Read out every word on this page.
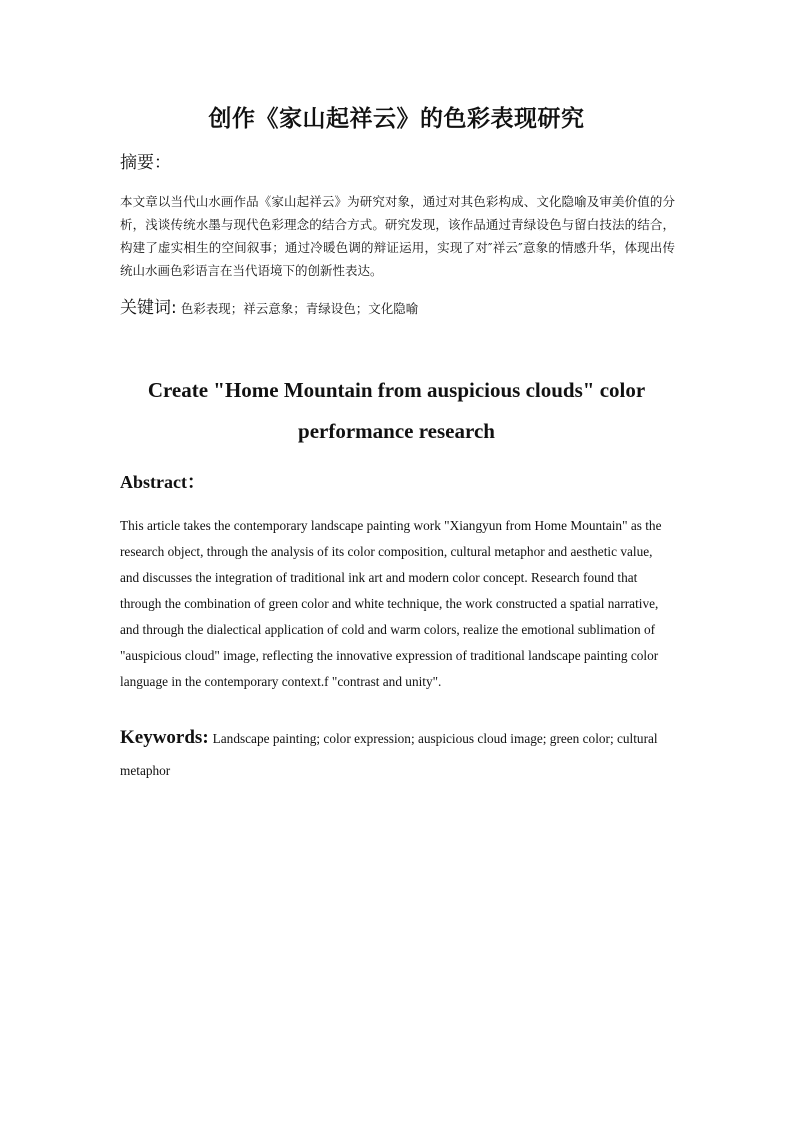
创作《家山起祥云》的色彩表现研究
摘要：
本文章以当代山水画作品《家山起祥云》为研究对象，通过对其色彩构成、文化隐喻及审美价值的分析，浅谈传统水墨与现代色彩理念的结合方式。研究发现，该作品通过青绿设色与留白技法的结合，构建了虚实相生的空间叙事；通过冷暖色调的辩证运用，实现了对″祥云″意象的情感升华，体现出传统山水画色彩语言在当代语境下的创新性表达。
关键词: 色彩表现；祥云意象；青绿设色；文化隐喻
Create "Home Mountain from auspicious clouds" color performance research
Abstract：
This article takes the contemporary landscape painting work "Xiangyun from Home Mountain" as the research object, through the analysis of its color composition, cultural metaphor and aesthetic value, and discusses the integration of traditional ink art and modern color concept. Research found that through the combination of green color and white technique, the work constructed a spatial narrative, and through the dialectical application of cold and warm colors, realize the emotional sublimation of "auspicious cloud" image, reflecting the innovative expression of traditional landscape painting color language in the contemporary context.f "contrast and unity".
Keywords: Landscape painting; color expression; auspicious cloud image; green color; cultural metaphor
